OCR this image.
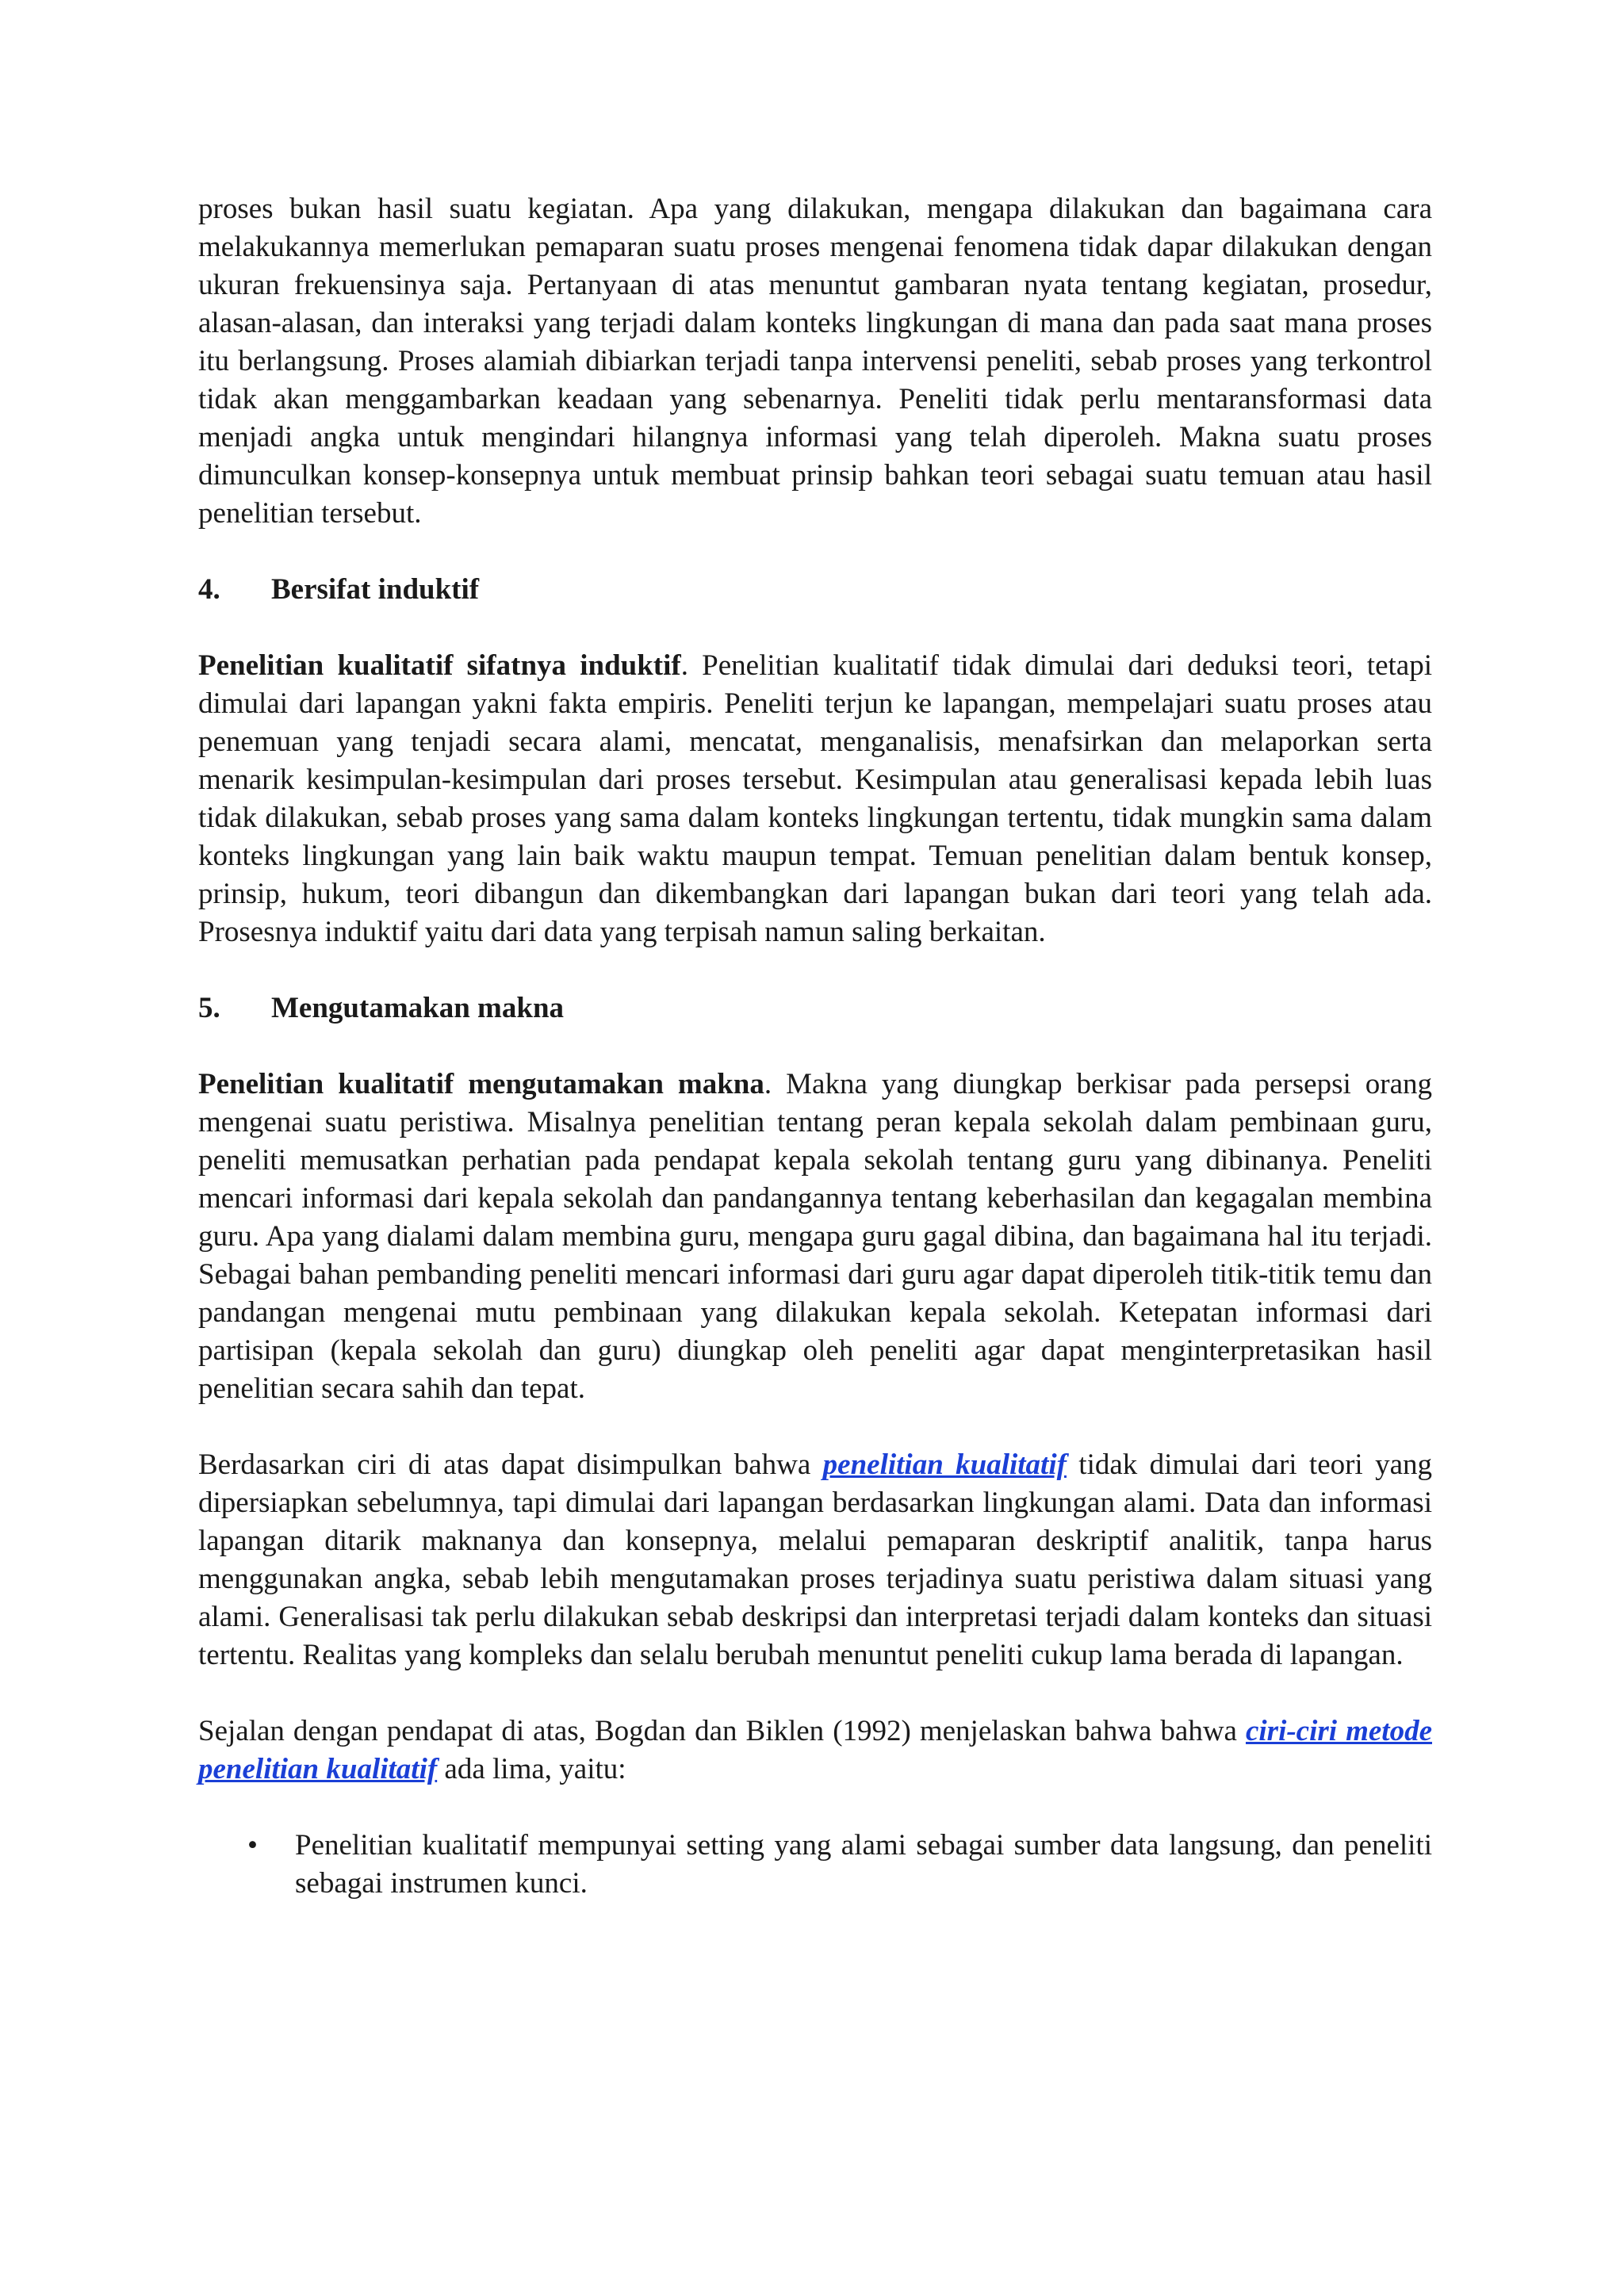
proses bukan hasil suatu kegiatan. Apa yang dilakukan, mengapa dilakukan dan bagaimana cara melakukannya memerlukan pemaparan suatu proses mengenai fenomena tidak dapar dilakukan dengan ukuran frekuensinya saja. Pertanyaan di atas menuntut gambaran nyata tentang kegiatan, prosedur, alasan-alasan, dan interaksi yang terjadi dalam konteks lingkungan di mana dan pada saat mana proses itu berlangsung. Proses alamiah dibiarkan terjadi tanpa intervensi peneliti, sebab proses yang terkontrol tidak akan menggambarkan keadaan yang sebenarnya. Peneliti tidak perlu mentaransformasi data menjadi angka untuk mengindari hilangnya informasi yang telah diperoleh. Makna suatu proses dimunculkan konsep-konsepnya untuk membuat prinsip bahkan teori sebagai suatu temuan atau hasil penelitian tersebut.

4. Bersifat induktif

Penelitian kualitatif sifatnya induktif. Penelitian kualitatif tidak dimulai dari deduksi teori, tetapi dimulai dari lapangan yakni fakta empiris. Peneliti terjun ke lapangan, mempelajari suatu proses atau penemuan yang tenjadi secara alami, mencatat, menganalisis, menafsirkan dan melaporkan serta menarik kesimpulan-kesimpulan dari proses tersebut. Kesimpulan atau generalisasi kepada lebih luas tidak dilakukan, sebab proses yang sama dalam konteks lingkungan tertentu, tidak mungkin sama dalam konteks lingkungan yang lain baik waktu maupun tempat. Temuan penelitian dalam bentuk konsep, prinsip, hukum, teori dibangun dan dikembangkan dari lapangan bukan dari teori yang telah ada. Prosesnya induktif yaitu dari data yang terpisah namun saling berkaitan.

5. Mengutamakan makna

Penelitian kualitatif mengutamakan makna. Makna yang diungkap berkisar pada persepsi orang mengenai suatu peristiwa. Misalnya penelitian tentang peran kepala sekolah dalam pembinaan guru, peneliti memusatkan perhatian pada pendapat kepala sekolah tentang guru yang dibinanya. Peneliti mencari informasi dari kepala sekolah dan pandangannya tentang keberhasilan dan kegagalan membina guru. Apa yang dialami dalam membina guru, mengapa guru gagal dibina, dan bagaimana hal itu terjadi. Sebagai bahan pembanding peneliti mencari informasi dari guru agar dapat diperoleh titik-titik temu dan pandangan mengenai mutu pembinaan yang dilakukan kepala sekolah. Ketepatan informasi dari partisipan (kepala sekolah dan guru) diungkap oleh peneliti agar dapat menginterpretasikan hasil penelitian secara sahih dan tepat.

Berdasarkan ciri di atas dapat disimpulkan bahwa penelitian kualitatif tidak dimulai dari teori yang dipersiapkan sebelumnya, tapi dimulai dari lapangan berdasarkan lingkungan alami. Data dan informasi lapangan ditarik maknanya dan konsepnya, melalui pemaparan deskriptif analitik, tanpa harus menggunakan angka, sebab lebih mengutamakan proses terjadinya suatu peristiwa dalam situasi yang alami. Generalisasi tak perlu dilakukan sebab deskripsi dan interpretasi terjadi dalam konteks dan situasi tertentu. Realitas yang kompleks dan selalu berubah menuntut peneliti cukup lama berada di lapangan.

Sejalan dengan pendapat di atas, Bogdan dan Biklen (1992) menjelaskan bahwa bahwa ciri-ciri metode penelitian kualitatif ada lima, yaitu:

• Penelitian kualitatif mempunyai setting yang alami sebagai sumber data langsung, dan peneliti sebagai instrumen kunci.
